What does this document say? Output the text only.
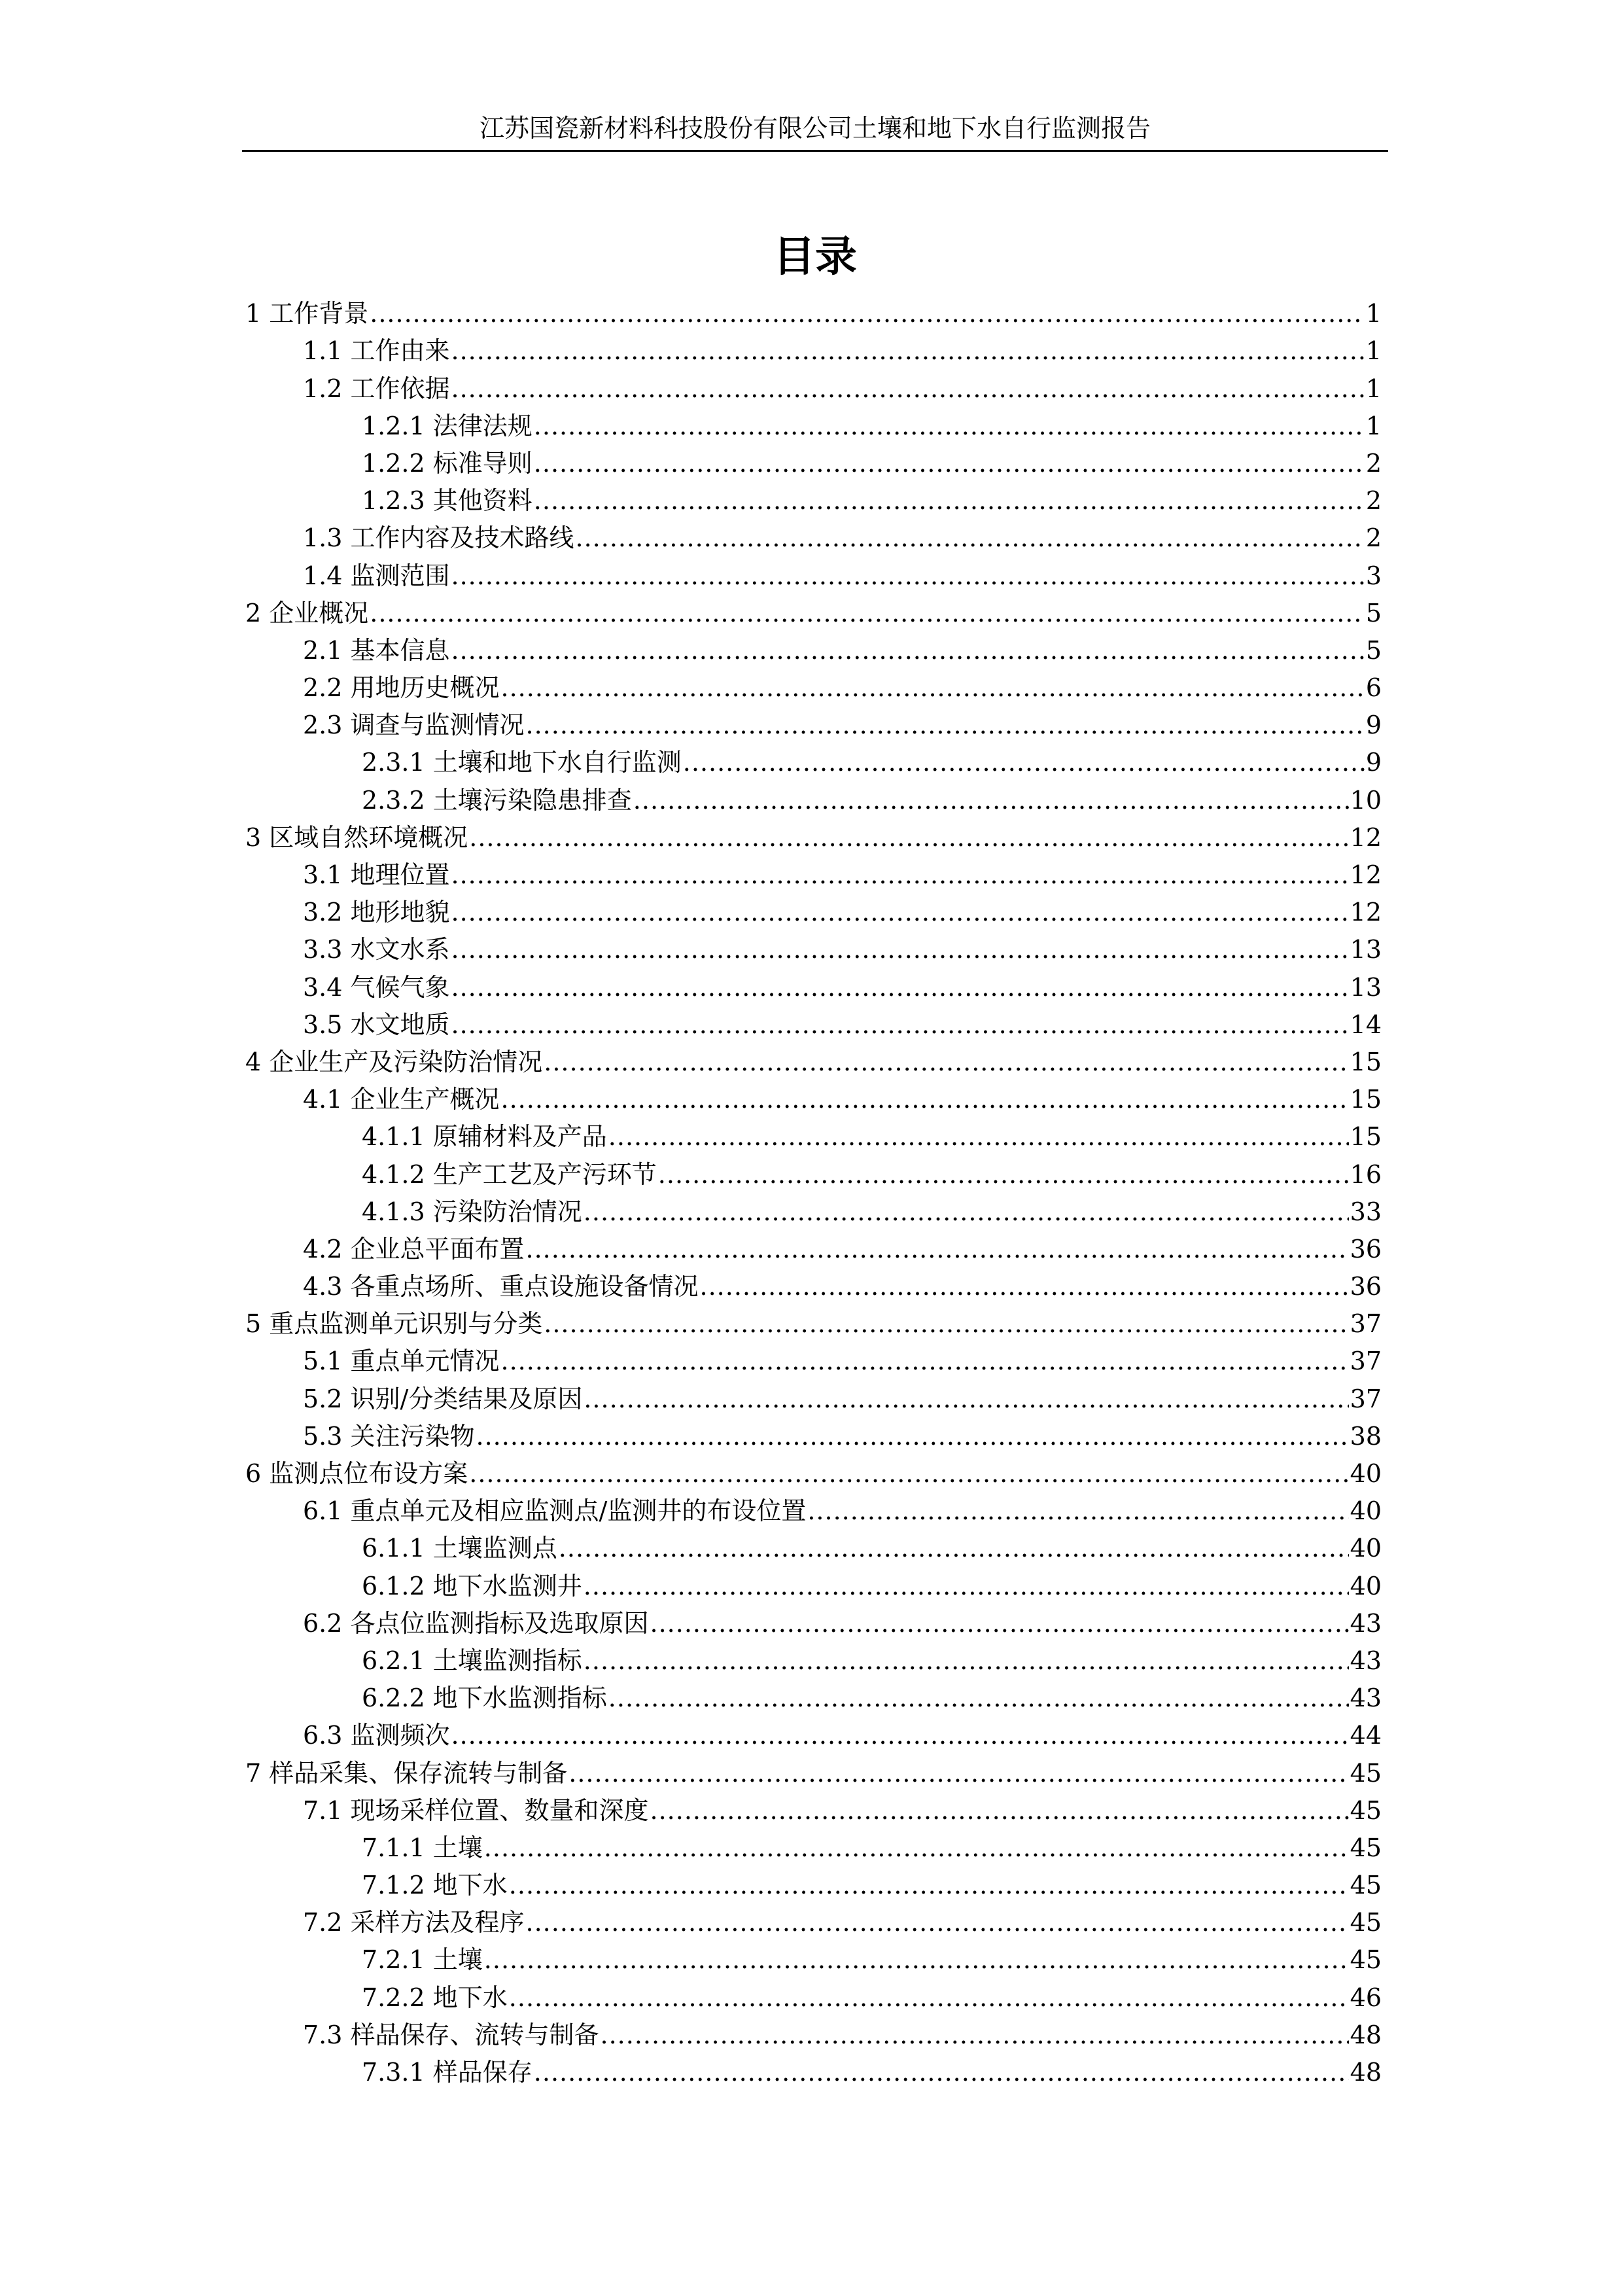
江苏国瓷新材料科技股份有限公司土壤和地下水自行监测报告
目录
1 工作背景 .....	1
1.1 工作由来 .....	1
1.2 工作依据 .....	1
1.2.1 法律法规 .....	1
1.2.2 标准导则 .....	2
1.2.3 其他资料 .....	2
1.3 工作内容及技术路线 .....	2
1.4 监测范围 .....	3
2 企业概况 .....	5
2.1 基本信息 .....	5
2.2 用地历史概况 .....	6
2.3 调查与监测情况 .....	9
2.3.1 土壤和地下水自行监测 .....	9
2.3.2 土壤污染隐患排查 .....	10
3 区域自然环境概况 .....	12
3.1 地理位置 .....	12
3.2 地形地貌 .....	12
3.3 水文水系 .....	13
3.4 气候气象 .....	13
3.5 水文地质 .....	14
4 企业生产及污染防治情况 .....	15
4.1 企业生产概况 .....	15
4.1.1 原辅材料及产品 .....	15
4.1.2 生产工艺及产污环节 .....	16
4.1.3 污染防治情况 .....	33
4.2 企业总平面布置 .....	36
4.3 各重点场所、重点设施设备情况 .....	36
5 重点监测单元识别与分类 .....	37
5.1 重点单元情况 .....	37
5.2 识别/分类结果及原因 .....	37
5.3 关注污染物 .....	38
6 监测点位布设方案 .....	40
6.1 重点单元及相应监测点/监测井的布设位置 .....	40
6.1.1 土壤监测点 .....	40
6.1.2 地下水监测井 .....	40
6.2 各点位监测指标及选取原因 .....	43
6.2.1 土壤监测指标 .....	43
6.2.2 地下水监测指标 .....	43
6.3 监测频次 .....	44
7 样品采集、保存流转与制备 .....	45
7.1 现场采样位置、数量和深度 .....	45
7.1.1 土壤 .....	45
7.1.2 地下水 .....	45
7.2 采样方法及程序 .....	45
7.2.1 土壤 .....	45
7.2.2 地下水 .....	46
7.3 样品保存、流转与制备 .....	48
7.3.1 样品保存 .....	48
